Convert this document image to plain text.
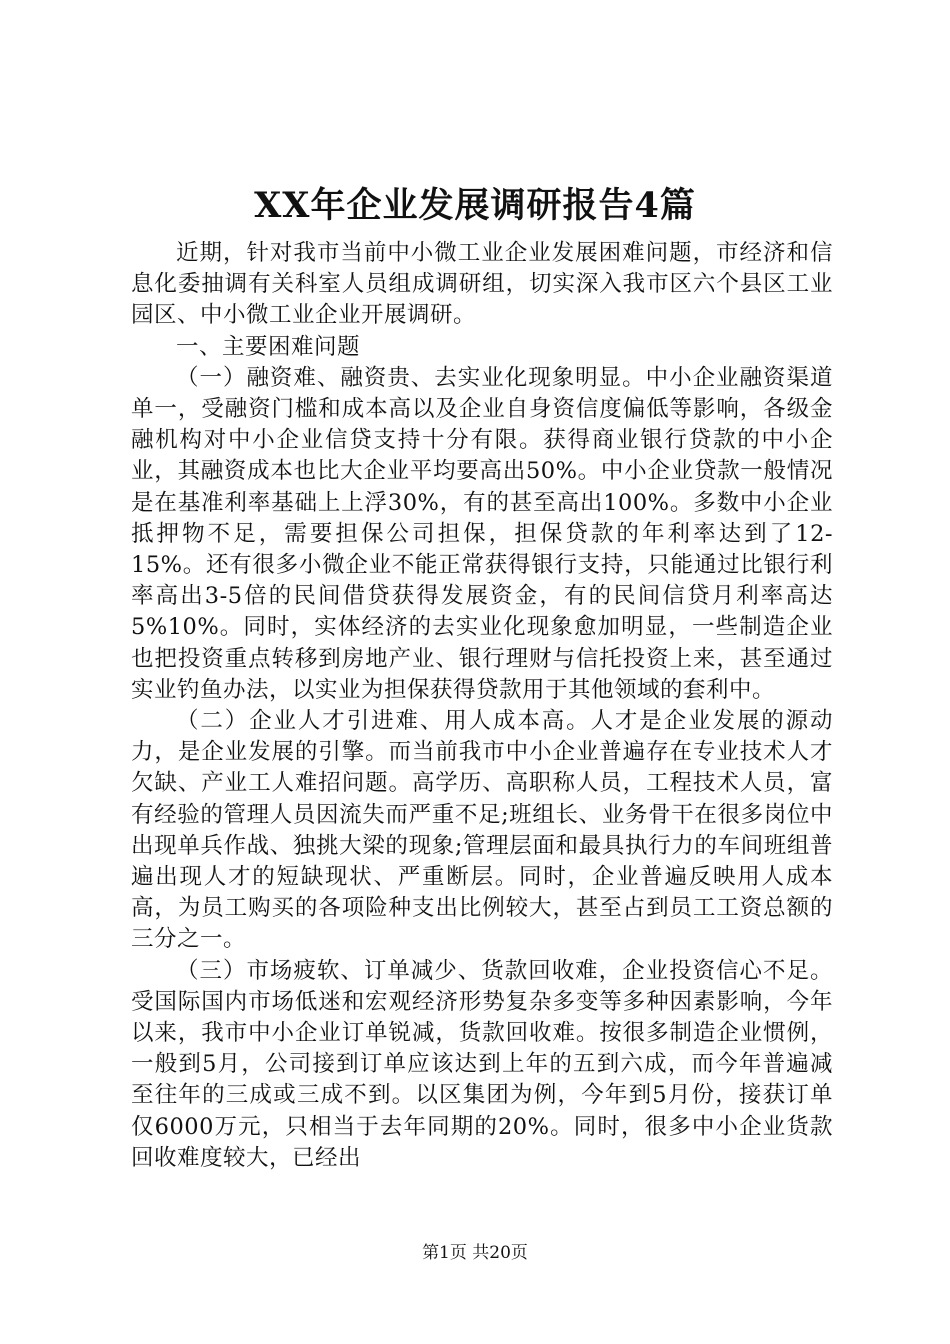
XX年企业发展调研报告4篇

近期，针对我市当前中小微工业企业发展困难问题，市经济和信息化委抽调有关科室人员组成调研组，切实深入我市区六个县区工业园区、中小微工业企业开展调研。

一、主要困难问题

（一）融资难、融资贵、去实业化现象明显。中小企业融资渠道单一，受融资门槛和成本高以及企业自身资信度偏低等影响，各级金融机构对中小企业信贷支持十分有限。获得商业银行贷款的中小企业，其融资成本也比大企业平均要高出50%。中小企业贷款一般情况是在基准利率基础上上浮30%，有的甚至高出100%。多数中小企业抵押物不足，需要担保公司担保，担保贷款的年利率达到了12-15%。还有很多小微企业不能正常获得银行支持，只能通过比银行利率高出3-5倍的民间借贷获得发展资金，有的民间信贷月利率高达5%10%。同时，实体经济的去实业化现象愈加明显，一些制造企业也把投资重点转移到房地产业、银行理财与信托投资上来，甚至通过实业钓鱼办法，以实业为担保获得贷款用于其他领域的套利中。

（二）企业人才引进难、用人成本高。人才是企业发展的源动力，是企业发展的引擎。而当前我市中小企业普遍存在专业技术人才欠缺、产业工人难招问题。高学历、高职称人员，工程技术人员，富有经验的管理人员因流失而严重不足;班组长、业务骨干在很多岗位中出现单兵作战、独挑大梁的现象;管理层面和最具执行力的车间班组普遍出现人才的短缺现状、严重断层。同时，企业普遍反映用人成本高，为员工购买的各项险种支出比例较大，甚至占到员工工资总额的三分之一。

（三）市场疲软、订单减少、货款回收难，企业投资信心不足。受国际国内市场低迷和宏观经济形势复杂多变等多种因素影响，今年以来，我市中小企业订单锐减，货款回收难。按很多制造企业惯例，一般到5月，公司接到订单应该达到上年的五到六成，而今年普遍减至往年的三成或三成不到。以区集团为例，今年到5月份，接获订单仅6000万元，只相当于去年同期的20%。同时，很多中小企业货款回收难度较大，已经出

第1页 共20页
